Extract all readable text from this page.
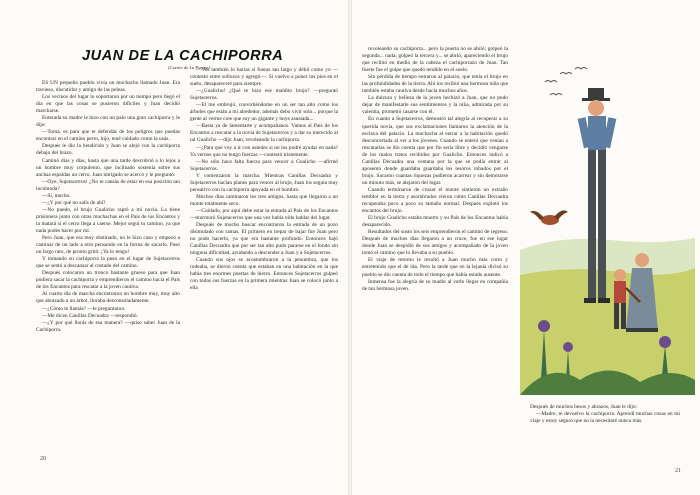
JUAN DE LA CACHIPORRA
(Cuento de La Pampa)

ES UN pequeño pueblo vivía un muchacho llamado Juan. Era travieso, discutidor y amigo de las peleas.

Los vecinos del lugar lo soportaron por un tiempo pero llegó el día en que las cosas se pusieron difíciles y Juan decidió marcharse.

Enterada su madre le hizo con un palo una gran cachiporra y le dijo:

—Tomá, es para que te defendás de los peligros que puedas encontrar en el camino perro, hijo, tené cuidado como la usás.

Después le dio la bendición y Juan se alejó con la cachiporra debajo del brazo.

Caminó días y días, hasta que una tarde descubrió a lo lejos a un hombre muy corpulento, que inclinado sostenía sobre sus anchas espaldas un cerro. Juan intrigado se acercó y le preguntó:

—Oye, Sujetacerros! ¿No te cansás de estar en esa posición tan incómoda?

—Sí, mucho.

—¿Y por qué no salís de ahí?

—No puedo, el brujo Gualicho raptó a mi novia. La tiene prisionera junto con otras muchachas en el País de los Encantos y la matará si el cerro llega a caerse. Mejor seguí tu camino, ya que nada podés hacer por mí.

Pero Juan, que era muy obstinado, no le hizo caso y empezó a caminar de un lado a otro pensando en la forma de sacarlo. Pasó un largo rato, de pronto gritó: ¡Ya lo tengo!

Y tomando su cachiporra la puso en el lugar de Sujetacerros que se sentó a descansar al costado del camino.

Después colocaron un tronco bastante grueso para que Juan pudiera sacar la cachiporra y emprendieron el camino hacia el País de los Encantos para rescatar a la joven cautiva.

Al cuarto día de marcha encontraron un hombre muy, muy alto que abrazado a un árbol, lloraba desconsoladamente.

—¿Cómo te llamás? —le preguntaron.

—Me dicen Canillas Decuadra —respondió.

—¿Y por qué llorás de esa manera? —quiso saber Juan de la Cachiporra.

—Vos también lo harías si fueras tan largo y débil como yo —contestó entre sollozos y agregó—. Si vuelvo a poner los pies en el suelo, desapareceré para siempre.

—¿Gualicho! ¿Qué te hizo ese maldito brujo? —preguntó Sujetacerros.

—El me embrujó, convirtiéndome en un ser tan alto como los árboles que están a mi alrededor, además debo vivir solo... porque la gente al verme cree que soy un gigante y huye asustada...

—Basta ya de lamentarte y acompañanos. Vamos al País de los Encantos a rescatar a la novia de Sujetacerros y a dar su merecido al tal Gualicho —dijo Juan, revoleando la cachiporra.

—¿Para qué voy a ir con ustedes si no los podré ayudar en nada? Ya vernos que no tengo fuerzas —contestó tristemente.

—No sólo hace falta fuerza para vencer a Gualicho —afirmó Sujetacerros.

Y comenzaron la marcha. Mientras Canillas Decuadra y Sujetacerros hacían planes para vencer al brujo, Juan los seguía muy pensativo con la cachiporra apoyada en el hombro.

Muchos días caminaron los tres amigos, hasta que llegaron a un monte totalmente seco.

—Cuidado, por aquí debe estar la entrada al País de los Encantos —murmuró Sujetacerros que una vez había oído hablar del lugar.

Después de mucho buscar encontraron la entrada de un pozo disimulado con ramas. El primero en trepar de bajar fue Juan pero no pudo hacerlo, ya que era bastante profundo. Entonces bajó Canillas Decuadra que por ser tan alto pudo pararse en el fondo sin ninguna dificultad, ayudando a descender a Juan y a Sujetacerros.

Cuando sus ojos se acostumbraron a la penumbra, que los rodeaba, se dieron cuenta que estaban en una habitación en la que había tres enormes puertas de hierro. Entonces Sujetacerros golpeó con todas sus fuerzas en la primera mientras Juan se colocó junto a ella

revoleando su cachiporra... pero la puerta no se abrió; golpeó la segunda... nada; golpeó la tercera y... se abrió, apareciendo el brujo que recibió en medio de la cabeza el cachiporrazo de Juan. Tan fuerte fue el golpe que quedó tendido en el suelo.

Sin pérdida de tiempo entraron al palacio, que tenía el brujo en las profundidades de la tierra. Ahí los recibió una hermosa niña que también estaba cautiva desde hacía muchos años.

La dulzura y belleza de la joven hechizó a Juan, que no pudo dejar de manifestarle sus sentimientos y la niña, admirada por su valentía, prometió casarse con él.

En cuanto a Sujetacerros, demostró tal alegría al recuperar a su querida novia, que sus exclamaciones llamaron la atención de la esclava del palacio. La muchacha al entrar a la habitación quedó desconcertada al ver a los jóvenes. Cuando se enteró que venían a rescatarlas se dio cuenta que por fin sería libre y decidió vengarse de los malos tratos recibidos por Gualicho. Entonces indicó a Canillas Decuadra una ventana por la que se podía entrar al aposento donde guardaba guardaba los tesoros robados por el brujo. Sacaron cuantas riquezas pudieron acarrear y sin demorarse un minuto más, se alejaron del lugar.

Cuando terminaron de cruzar el monte sintieron un extraño temblor en la tierra y asombrados vieron cómo Canillas Decuadra recuperaba poco a poco su tamaño normal. Después explotó los encantos del brujo.

El brujo Gualicho estaba muerto y su País de los Encantos había desaparecido.

Resultados del susto los seis emprendieron el camino de regreso. Después de muchos días llegaron a un cruce, fue en ese lugar donde Juan se despidió de sus amigos y acompañado de la joven tomó el camino que lo llevaba a su pueblo.

El viaje de retorno le resultó a Juan mucho más corto y entretenido que el de ida. Pero la tarde que en la lejanía divisó su pueblo se dio cuenta de todo el tiempo que había estado ausente.

Inmensa fue la alegría de su madre al verlo llegar en compañía de tan hermosa joven.

20
21

Después de muchos besos y abrazos, Juan le dijo:

—Madre, te devuelvo la cachiporra. Aprendí muchas cosas en mi viaje y estoy seguro que no la necesitaré nunca más.
